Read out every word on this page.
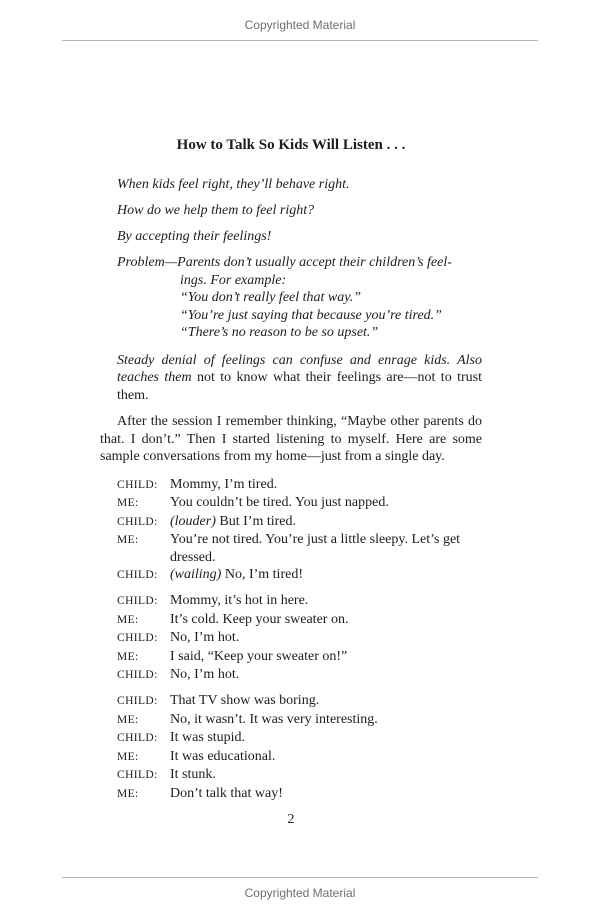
Copyrighted Material
How to Talk So Kids Will Listen . . .

When kids feel right, they’ll behave right.

How do we help them to feel right?

By accepting their feelings!

Problem—Parents don’t usually accept their children’s feel-
ings. For example:

“You don’t really feel that way.”
“You’re just saying that because you’re tired.”
“There’s no reason to be so upset.”

Steady denial of feelings can confuse and enrage kids. Also teaches them not to know what their feelings are—not to trust them.

After the session I remember thinking, “Maybe other parents do that. I don’t.” Then I started listening to myself. Here are some sample conversations from my home—just from a single day.

CHILD: Mommy, I’m tired.
ME:	You couldn’t be tired. You just napped.
CHILD: (louder) But I’m tired.
ME:	You’re not tired. You’re just a little sleepy. Let’s get dressed.
CHILD: (wailing) No, I’m tired!
CHILD: Mommy, it’s hot in here.
ME:	It’s cold. Keep your sweater on.
CHILD: No, I’m hot.
ME:	I said, “Keep your sweater on!”
CHILD: No, I’m hot.
CHILD: That TV show was boring.
ME:	No, it wasn’t. It was very interesting.
CHILD: It was stupid.
ME:	It was educational.
CHILD: It stunk.
ME:	Don’t talk that way!
2
Copyrighted Material
